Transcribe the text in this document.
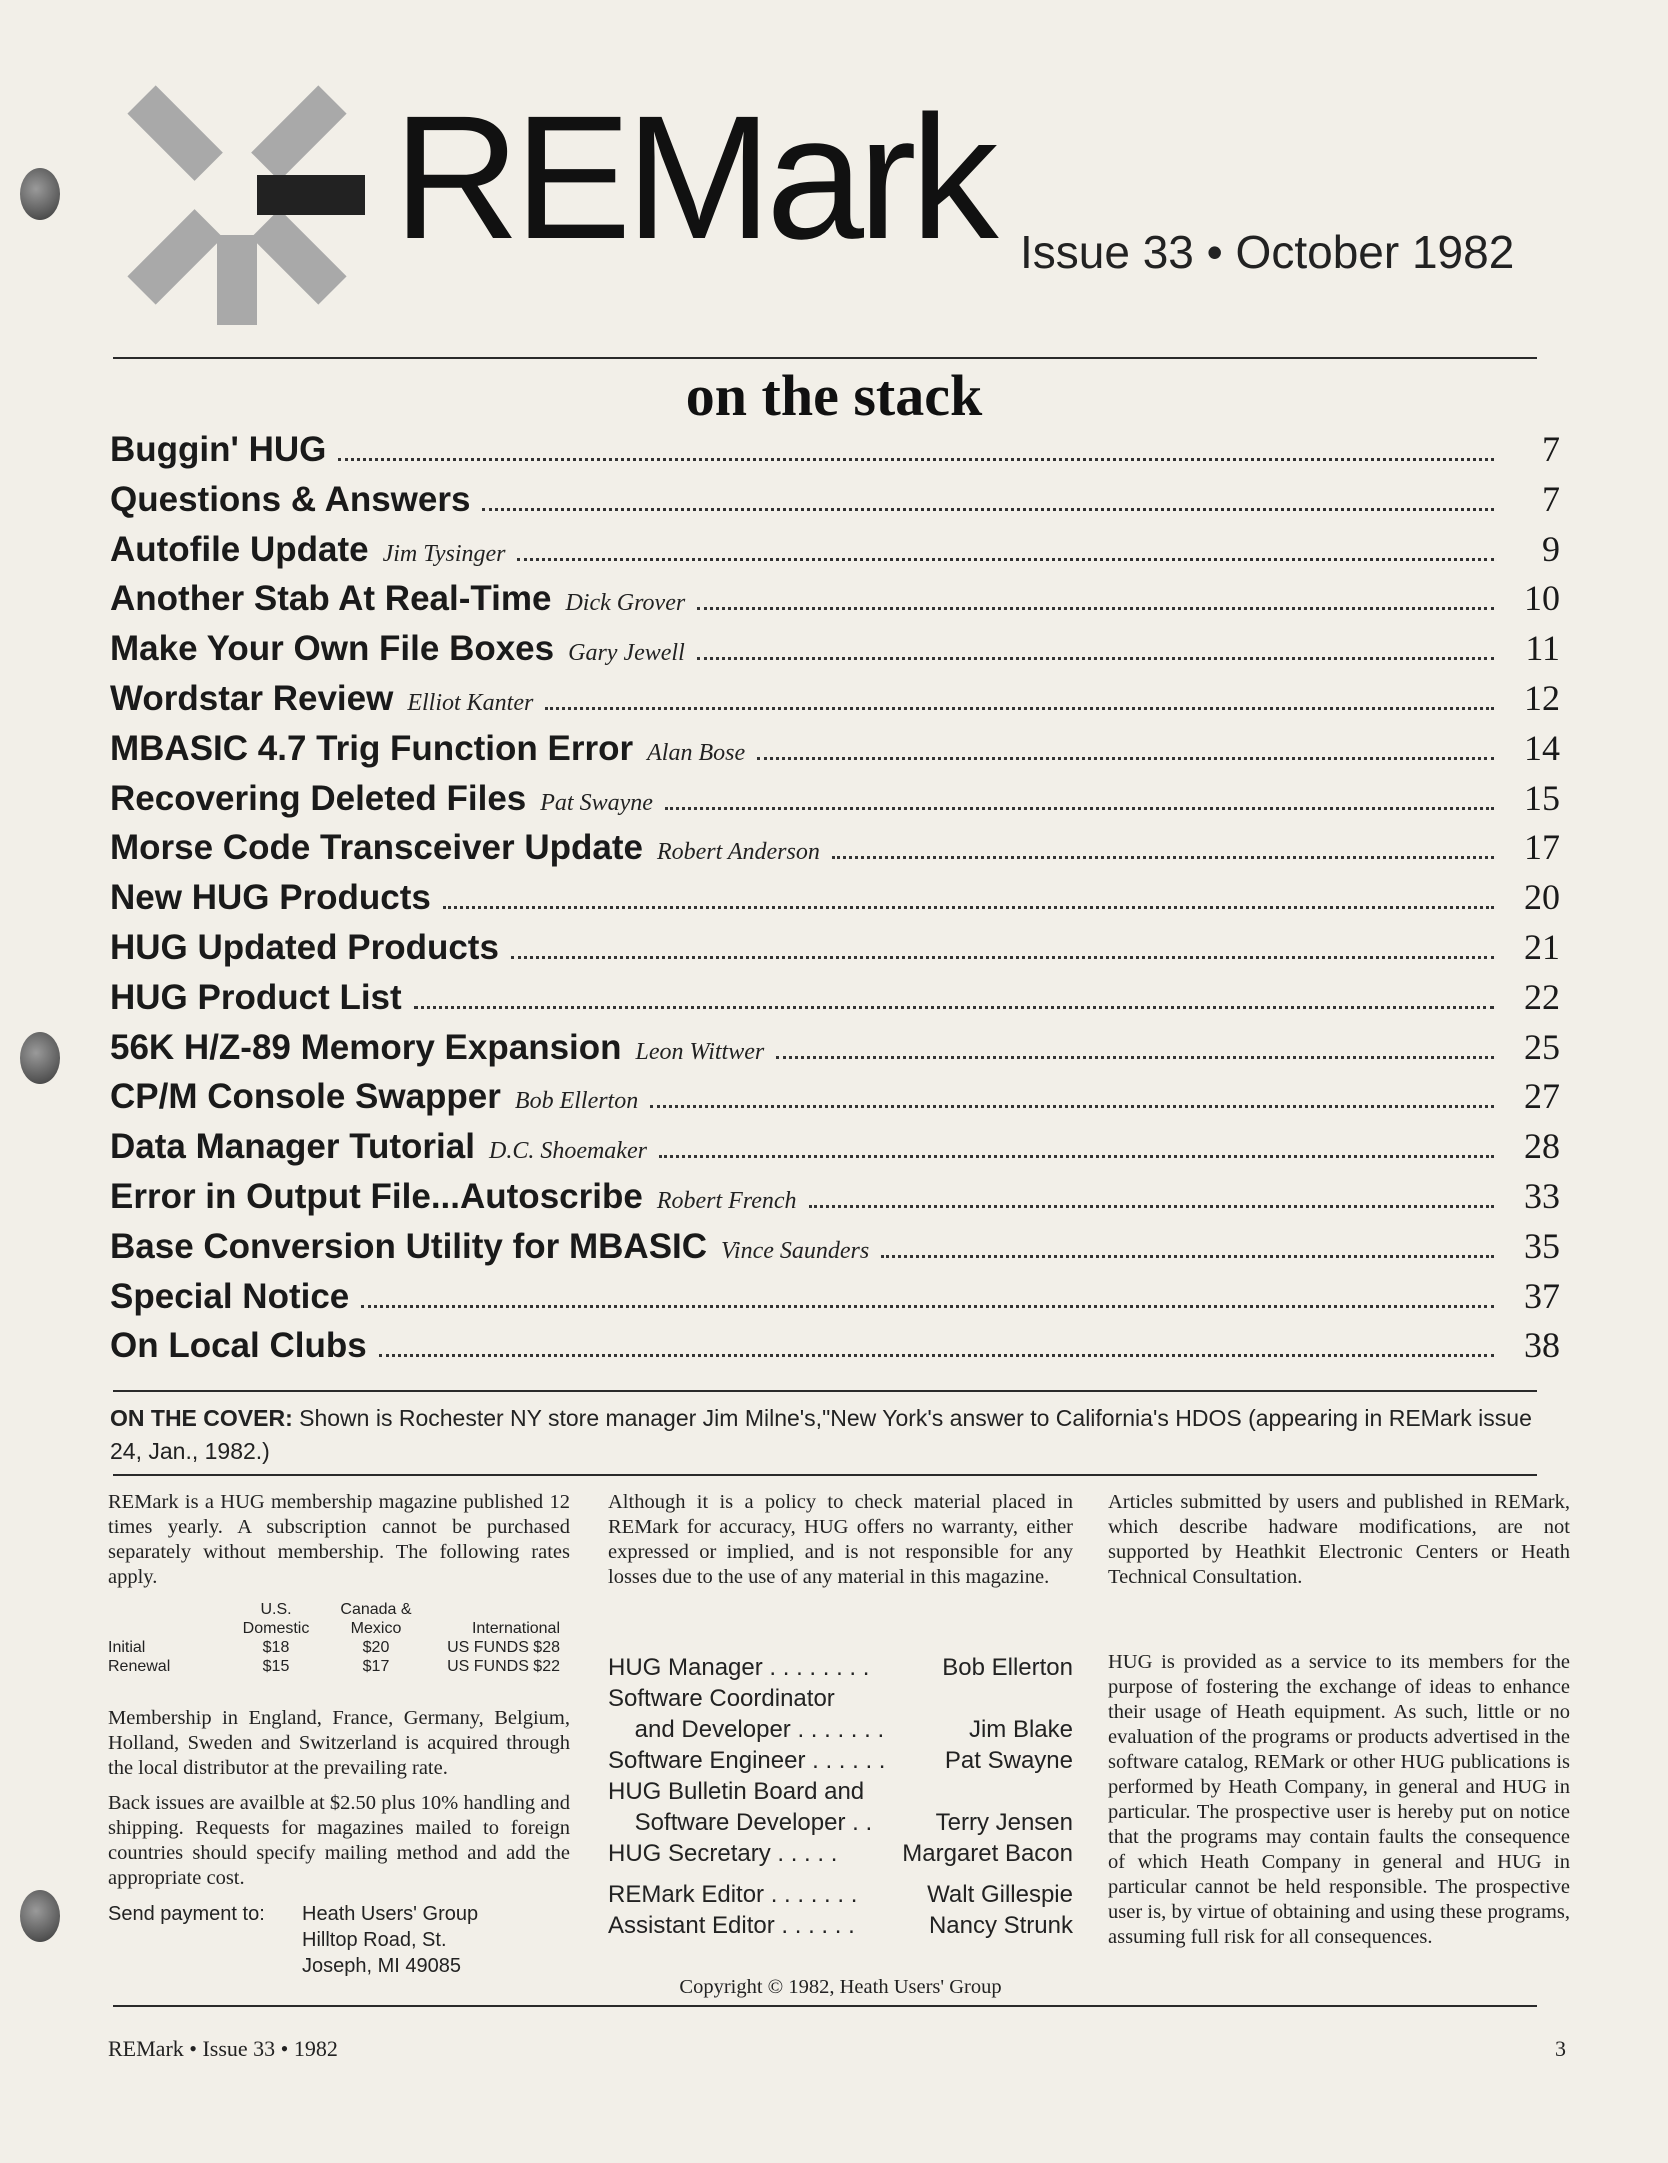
REMark Issue 33 • October 1982
on the stack
Buggin' HUG	7
Questions & Answers	7
Autofile Update Jim Tysinger	9
Another Stab At Real-Time Dick Grover	10
Make Your Own File Boxes Gary Jewell	11
Wordstar Review Elliot Kanter	12
MBASIC 4.7 Trig Function Error Alan Bose	14
Recovering Deleted Files Pat Swayne	15
Morse Code Transceiver Update Robert Anderson	17
New HUG Products	20
HUG Updated Products	21
HUG Product List	22
56K H/Z-89 Memory Expansion Leon Wittwer	25
CP/M Console Swapper Bob Ellerton	27
Data Manager Tutorial D.C. Shoemaker	28
Error in Output File...Autoscribe Robert French	33
Base Conversion Utility for MBASIC Vince Saunders	35
Special Notice	37
On Local Clubs	38
ON THE COVER: Shown is Rochester NY store manager Jim Milne's,"New York's answer to California's HDOS (appearing in REMark issue 24, Jan., 1982.)

REMark is a HUG membership magazine published 12 times yearly. A subscription cannot be purchased separately without membership. The following rates apply.

	U.S. Domestic	Canada & Mexico	International
Initial	$18	$20	US FUNDS $28
Renewal	$15	$17	US FUNDS $22

Membership in England, France, Germany, Belgium, Holland, Sweden and Switzerland is acquired through the local distributor at the prevailing rate.

Back issues are availble at $2.50 plus 10% handling and shipping. Requests for magazines mailed to foreign countries should specify mailing method and add the appropriate cost.

Send payment to:	Heath Users' Group
Hilltop Road, St.
Joseph, MI 49085

Although it is a policy to check material placed in REMark for accuracy, HUG offers no warranty, either expressed or implied, and is not responsible for any losses due to the use of any material in this magazine.

HUG Manager . . . . . . . .	Bob Ellerton
Software Coordinator
and Developer . . . . . . .	Jim Blake
Software Engineer . . . . . .	Pat Swayne
HUG Bulletin Board and
Software Developer . .	Terry Jensen
HUG Secretary . . . . .	Margaret Bacon
REMark Editor . . . . . . .	Walt Gillespie
Assistant Editor . . . . . .	Nancy Strunk
Copyright © 1982, Heath Users' Group

Articles submitted by users and published in REMark, which describe hadware modifications, are not supported by Heathkit Electronic Centers or Heath Technical Consultation.

HUG is provided as a service to its members for the purpose of fostering the exchange of ideas to enhance their usage of Heath equipment. As such, little or no evaluation of the programs or products advertised in the software catalog, REMark or other HUG publications is performed by Heath Company, in general and HUG in particular. The prospective user is hereby put on notice that the programs may contain faults the consequence of which Heath Company in general and HUG in particular cannot be held responsible. The prospective user is, by virtue of obtaining and using these programs, assuming full risk for all consequences.

REMark • Issue 33 • 1982	3
